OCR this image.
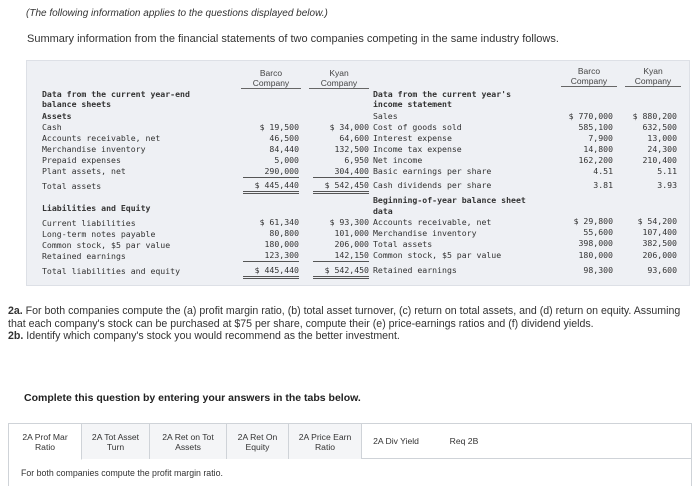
(The following information applies to the questions displayed below.)
Summary information from the financial statements of two companies competing in the same industry follows.
Barco
Company
Kyan
Company
Data from the current year-end
balance sheets
Assets
Cash	$ 19,500	$ 34,000
Accounts receivable, net	46,500	64,600
Merchandise inventory	84,440	132,500
Prepaid expenses	5,000	6,950
Plant assets, net	290,000	304,400
Total assets	$ 445,440	$ 542,450
Liabilities and Equity
Current liabilities	$ 61,340	$ 93,300
Long-term notes payable	80,800	101,000
Common stock, $5 par value	180,000	206,000
Retained earnings	123,300	142,150
Total liabilities and equity	$ 445,440	$ 542,450
Barco
Company
Kyan
Company
Data from the current year's
income statement
Sales	$ 770,000	$ 880,200
Cost of goods sold	585,100	632,500
Interest expense	7,900	13,000
Income tax expense	14,800	24,300
Net income	162,200	210,400
Basic earnings per share	4.51	5.11
Cash dividends per share	3.81	3.93
Beginning-of-year balance sheet
data
Accounts receivable, net	$ 29,800	$ 54,200
Merchandise inventory	55,600	107,400
Total assets	398,000	382,500
Common stock, $5 par value	180,000	206,000
Retained earnings	98,300	93,600
2a. For both companies compute the (a) profit margin ratio, (b) total asset turnover, (c) return on total assets, and (d) return on equity. Assuming that each company's stock can be purchased at $75 per share, compute their (e) price-earnings ratios and (f) dividend yields.
2b. Identify which company's stock you would recommend as the better investment.
Complete this question by entering your answers in the tabs below.
2A Prof Mar
Ratio
2A Tot Asset
Turn
2A Ret on Tot
Assets
2A Ret On
Equity
2A Price Earn
Ratio
2A Div Yield	Req 2B
For both companies compute the profit margin ratio.
